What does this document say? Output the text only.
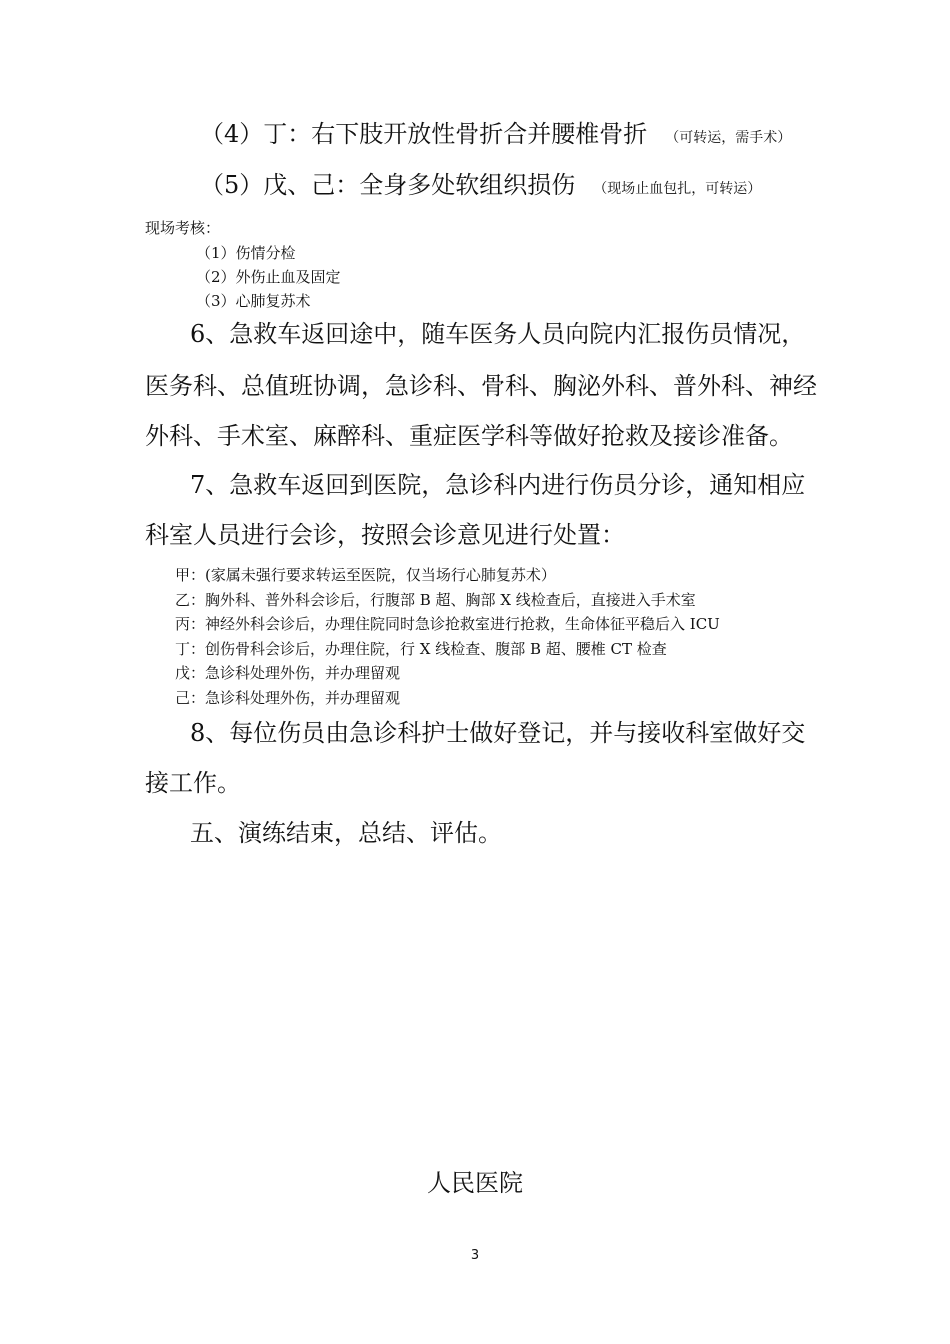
（4）丁：右下肢开放性骨折合并腰椎骨折 （可转运，需手术）
（5）戊、己：全身多处软组织损伤 （现场止血包扎，可转运）
现场考核：
（1）伤情分检
（2）外伤止血及固定
（3）心肺复苏术
6、急救车返回途中，随车医务人员向院内汇报伤员情况，
医务科、总值班协调，急诊科、骨科、胸泌外科、普外科、神经
外科、手术室、麻醉科、重症医学科等做好抢救及接诊准备。
7、急救车返回到医院，急诊科内进行伤员分诊，通知相应
科室人员进行会诊，按照会诊意见进行处置：
甲：(家属未强行要求转运至医院，仅当场行心肺复苏术）
乙：胸外科、普外科会诊后，行腹部 B 超、胸部 X 线检查后，直接进入手术室
丙：神经外科会诊后，办理住院同时急诊抢救室进行抢救，生命体征平稳后入 ICU
丁：创伤骨科会诊后，办理住院，行 X 线检查、腹部 B 超、腰椎 CT 检查
戊：急诊科处理外伤，并办理留观
己：急诊科处理外伤，并办理留观
8、每位伤员由急诊科护士做好登记，并与接收科室做好交
接工作。
五、演练结束，总结、评估。
人民医院
3
